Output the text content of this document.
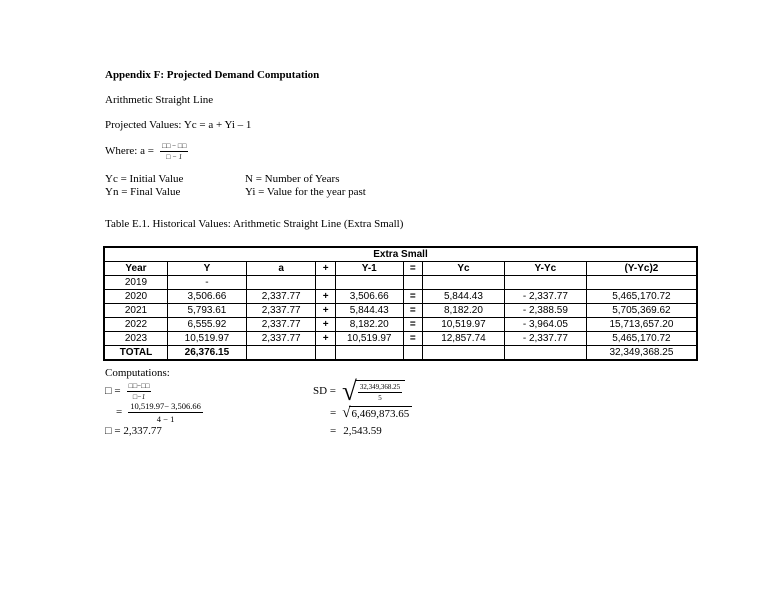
Appendix F: Projected Demand Computation
Arithmetic Straight Line
Projected Values: Yc = a + Yi – 1
Where: $a = \frac{□□ - □□}{□ - 1}$
Yc = Initial Value
Yn = Final Value
N = Number of Years
Yi = Value for the year past
Table E.1. Historical Values: Arithmetic Straight Line (Extra Small)
Extra Small								
Year	Y	a	+	Y-1	=	Yc	Y-Yc	(Y-Yc)2
2019	-							
2020	3,506.66	2,337.77	+	3,506.66	=	5,844.43	- 2,337.77	5,465,170.72
2021	5,793.61	2,337.77	+	5,844.43	=	8,182.20	- 2,388.59	5,705,369.62
2022	6,555.92	2,337.77	+	8,182.20	=	10,519.97	- 3,964.05	15,713,657.20
2023	10,519.97	2,337.77	+	10,519.97	=	12,857.74	- 2,337.77	5,465,170.72
TOTAL	26,376.15							32,349,368.25
Computations:
□ = $\frac{□□-□□}{□-1}$
= $\frac{10,519.97- 3,506.66}{4 - 1}$
□ = 2,337.77
SD = √ $\frac{32,349,368.25}{5}$
= √ 6,469,873.65
= 2,543.59
